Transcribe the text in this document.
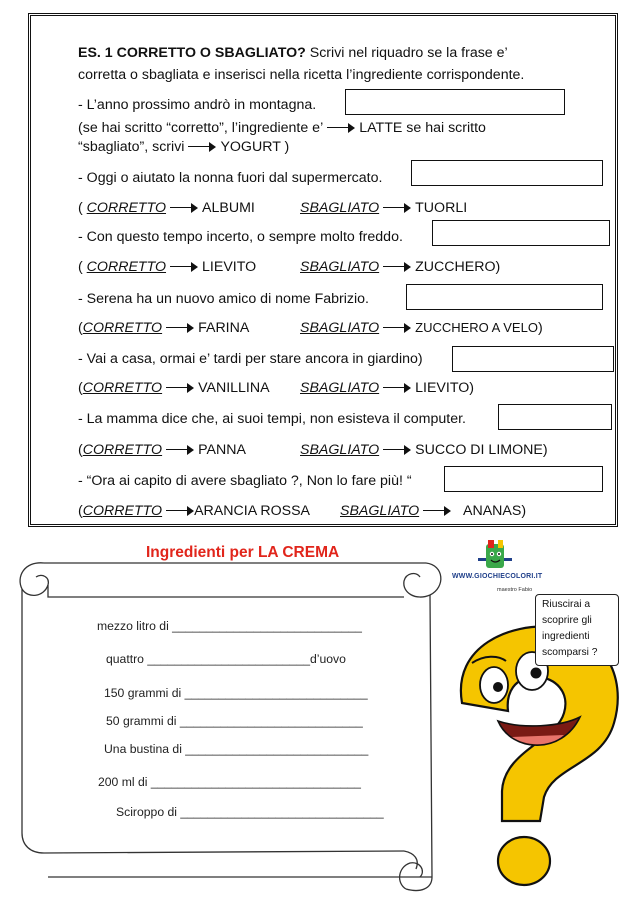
ES. 1 CORRETTO O SBAGLIATO? Scrivi nel riquadro se la frase e’
corretta o sbagliata e inserisci nella ricetta l’ingrediente corrispondente.
- L’anno prossimo andrò in montagna.
(se hai scritto “corretto”, l’ingrediente e’	LATTE se hai scritto
“sbagliato”, scrivi	YOGURT )
- Oggi o aiutato la nonna fuori dal supermercato.
( CORRETTO	ALBUMI	SBAGLIATO	TUORLI
- Con questo tempo incerto, o sempre molto freddo.
( CORRETTO	LIEVITO	SBAGLIATO	ZUCCHERO)
- Serena ha un nuovo amico di nome Fabrizio.
(CORRETTO	FARINA	SBAGLIATO	ZUCCHERO A VELO)
- Vai a casa, ormai e’ tardi per stare ancora in giardino)
(CORRETTO	VANILLINA SBAGLIATO	LIEVITO)
- La mamma dice che, ai suoi tempi, non esisteva il computer.
(CORRETTO	PANNA	SBAGLIATO	SUCCO DI LIMONE)
- “Ora ai capito di avere sbagliato ?, Non lo fare più! “
(CORRETTO ARANCIA ROSSA SBAGLIATO	ANANAS)
Ingredienti per LA CREMA
mezzo litro di ____________________________
quattro ________________________d’uovo
150 grammi di ___________________________
50 grammi di ___________________________
Una bustina di ___________________________
200 ml di _______________________________
Sciroppo di ______________________________
WWW.GIOCHIECOLORI.IT
maestro Fabio
Riuscirai a
scoprire gli
ingredienti
scomparsi ?
